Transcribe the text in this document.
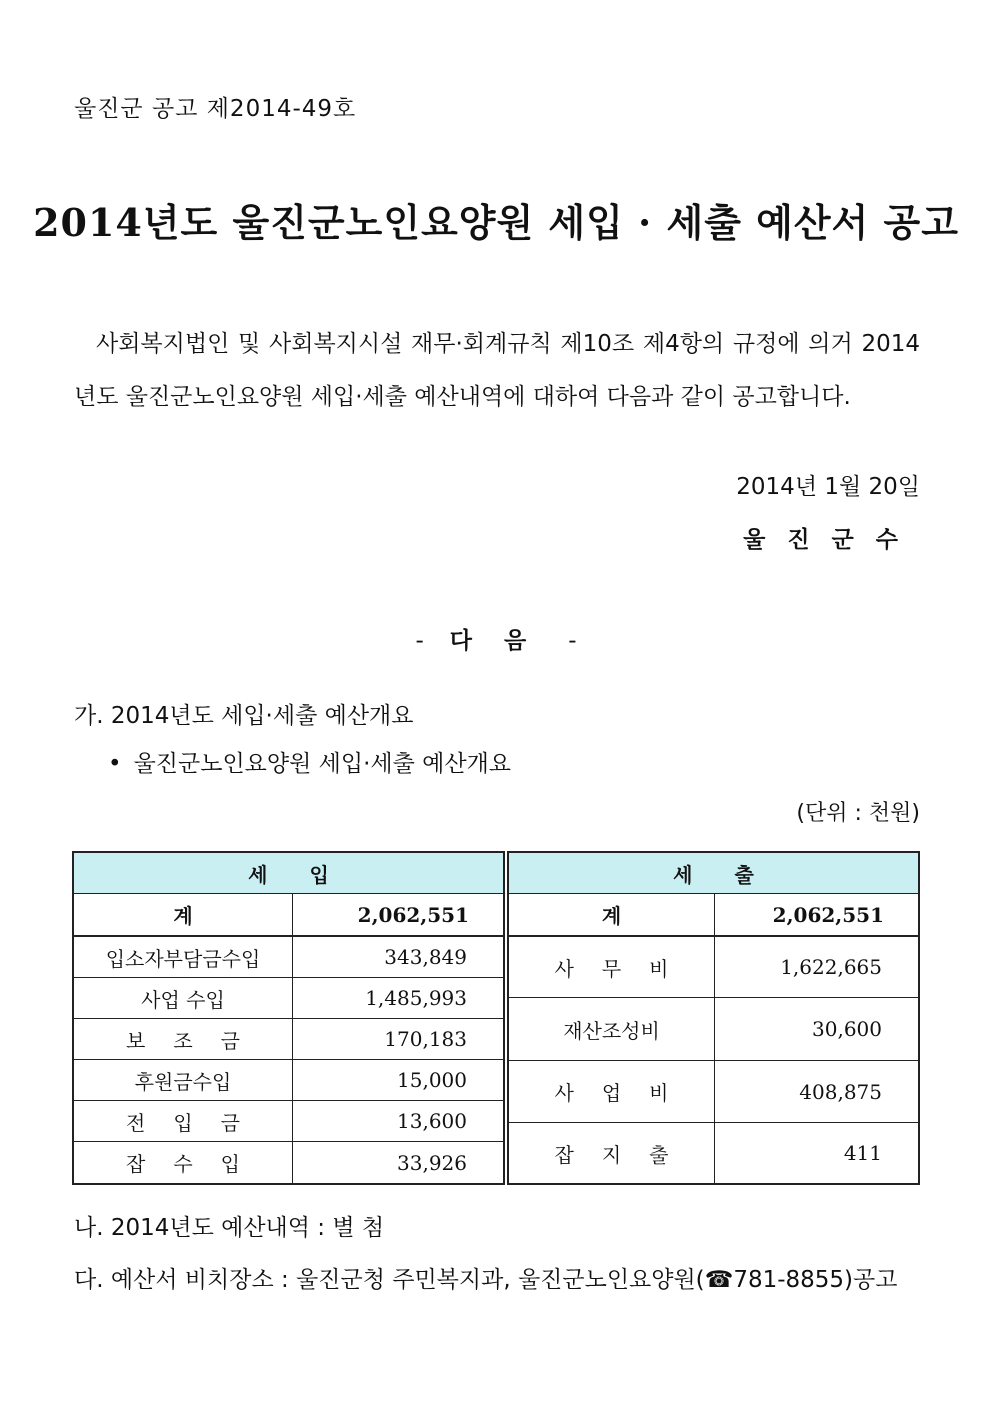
울진군 공고 제2014-49호
2014년도 울진군노인요양원 세입 · 세출 예산서 공고
사회복지법인 및 사회복지시설 재무·회계규칙 제10조 제4항의 규정에 의거 2014년도 울진군노인요양원 세입·세출 예산내역에 대하여 다음과 같이 공고합니다.
2014년 1월 20일
울진군수
- 다음 -
가. 2014년도 세입·세출 예산개요
• 울진군노인요양원 세입·세출 예산개요
(단위 : 천원)
세입
계	2,062,551
입소자부담금수입	343,849
사업 수입	1,485,993
보조금	170,183
후원금수입	15,000
전입금	13,600
잡수입	33,926
세출
계	2,062,551
사무비	1,622,665
재산조성비	30,600
사업비	408,875
잡지출	411
나. 2014년도 예산내역 : 별 첨
다. 예산서 비치장소 : 울진군청 주민복지과, 울진군노인요양원(☎781-8855)공고
